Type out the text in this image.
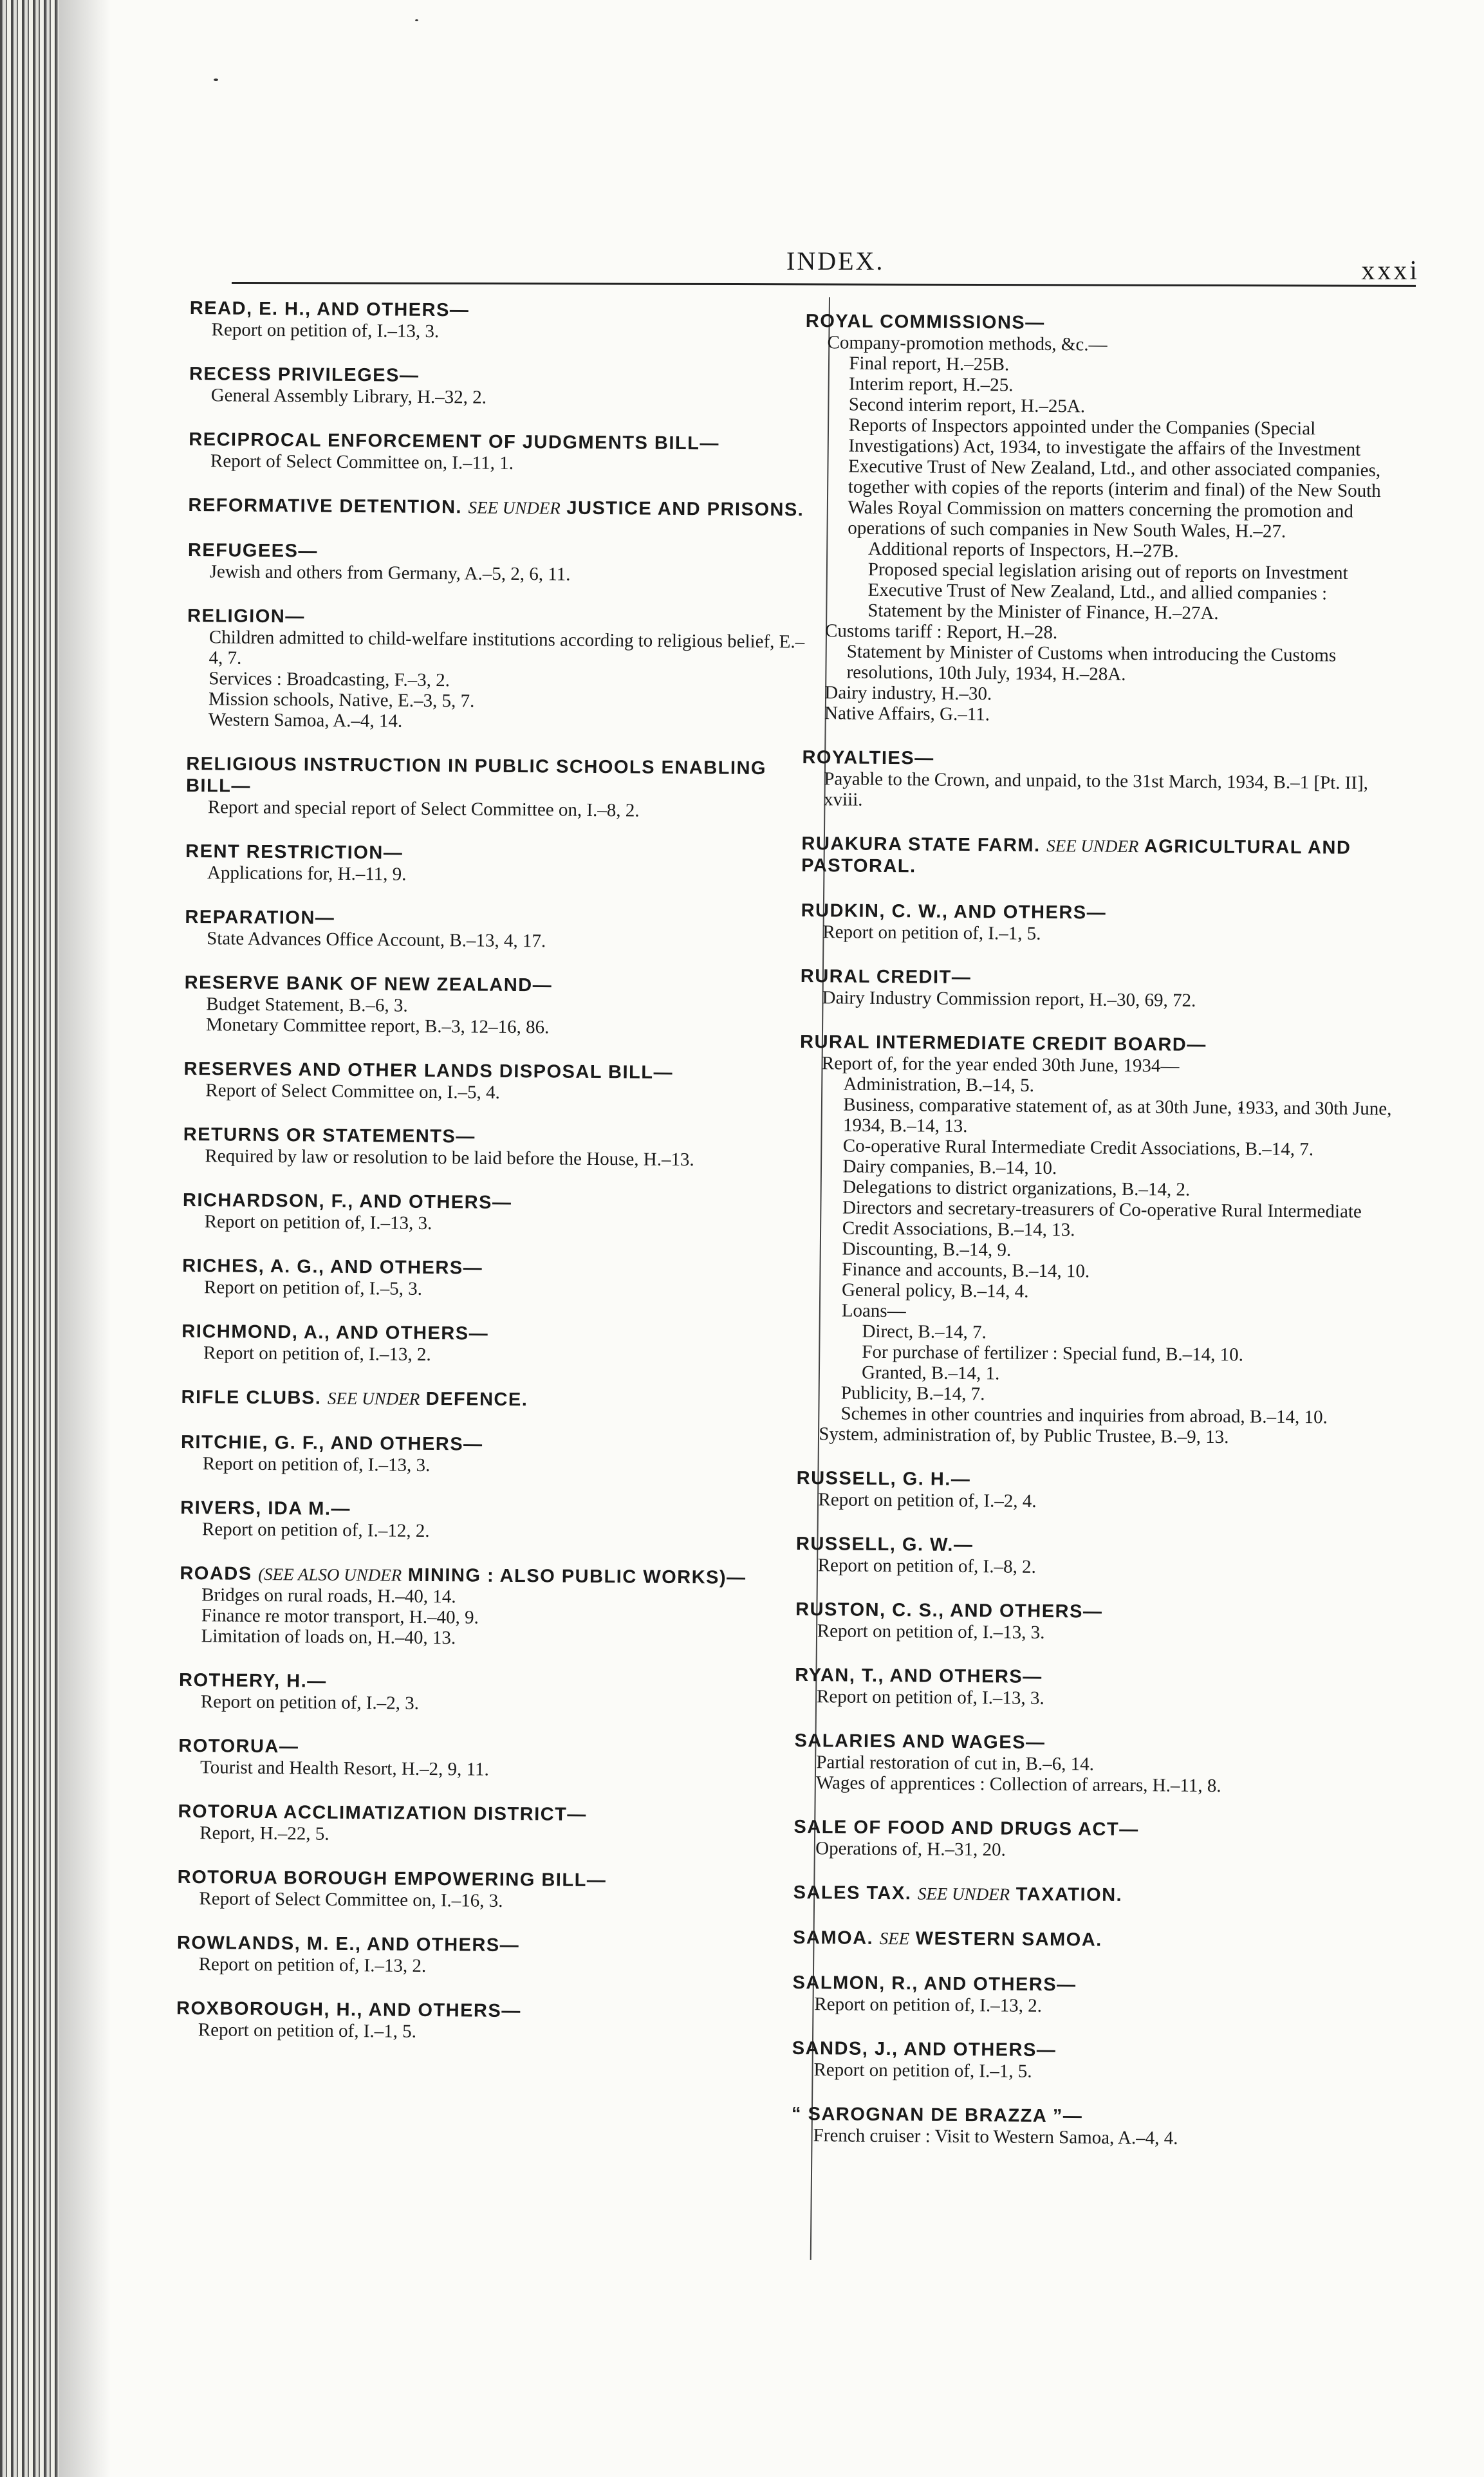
INDEX.	xxxi
READ, E. H., AND OTHERS—
Report on petition of, I.–13, 3.
RECESS PRIVILEGES—
General Assembly Library, H.–32, 2.
RECIPROCAL ENFORCEMENT OF JUDGMENTS BILL—
Report of Select Committee on, I.–11, 1.
REFORMATIVE DETENTION. SEE UNDER JUSTICE AND PRISONS.
REFUGEES—
Jewish and others from Germany, A.–5, 2, 6, 11.
RELIGION—
Children admitted to child-welfare institutions according to religious belief, E.–4, 7.
Services : Broadcasting, F.–3, 2.
Mission schools, Native, E.–3, 5, 7.
Western Samoa, A.–4, 14.
RELIGIOUS INSTRUCTION IN PUBLIC SCHOOLS ENABLING BILL—
Report and special report of Select Committee on, I.–8, 2.
RENT RESTRICTION—
Applications for, H.–11, 9.
REPARATION—
State Advances Office Account, B.–13, 4, 17.
RESERVE BANK OF NEW ZEALAND—
Budget Statement, B.–6, 3.
Monetary Committee report, B.–3, 12–16, 86.
RESERVES AND OTHER LANDS DISPOSAL BILL—
Report of Select Committee on, I.–5, 4.
RETURNS OR STATEMENTS—
Required by law or resolution to be laid before the House, H.–13.
RICHARDSON, F., AND OTHERS—
Report on petition of, I.–13, 3.
RICHES, A. G., AND OTHERS—
Report on petition of, I.–5, 3.
RICHMOND, A., AND OTHERS—
Report on petition of, I.–13, 2.
RIFLE CLUBS. SEE UNDER DEFENCE.
RITCHIE, G. F., AND OTHERS—
Report on petition of, I.–13, 3.
RIVERS, IDA M.—
Report on petition of, I.–12, 2.
ROADS (SEE ALSO UNDER MINING : ALSO PUBLIC WORKS)—
Bridges on rural roads, H.–40, 14.
Finance re motor transport, H.–40, 9.
Limitation of loads on, H.–40, 13.
ROTHERY, H.—
Report on petition of, I.–2, 3.
ROTORUA—
Tourist and Health Resort, H.–2, 9, 11.
ROTORUA ACCLIMATIZATION DISTRICT—
Report, H.–22, 5.
ROTORUA BOROUGH EMPOWERING BILL—
Report of Select Committee on, I.–16, 3.
ROWLANDS, M. E., AND OTHERS—
Report on petition of, I.–13, 2.
ROXBOROUGH, H., AND OTHERS—
Report on petition of, I.–1, 5.
ROYAL COMMISSIONS—
Company-promotion methods, &c.—
Final report, H.–25B.
Interim report, H.–25.
Second interim report, H.–25A.
Reports of Inspectors appointed under the Companies (Special Investigations) Act, 1934, to investigate the affairs of the Investment Executive Trust of New Zealand, Ltd., and other associated companies, together with copies of the reports (interim and final) of the New South Wales Royal Commission on matters concerning the promotion and operations of such companies in New South Wales, H.–27.
Additional reports of Inspectors, H.–27B.
Proposed special legislation arising out of reports on Investment Executive Trust of New Zealand, Ltd., and allied companies : Statement by the Minister of Finance, H.–27A.
Customs tariff : Report, H.–28.
Statement by Minister of Customs when introducing the Customs resolutions, 10th July, 1934, H.–28A.
Dairy industry, H.–30.
Native Affairs, G.–11.
ROYALTIES—
Payable to the Crown, and unpaid, to the 31st March, 1934, B.–1 [Pt. II], xviii.
RUAKURA STATE FARM. SEE UNDER AGRICULTURAL AND PASTORAL.
RUDKIN, C. W., AND OTHERS—
Report on petition of, I.–1, 5.
RURAL CREDIT—
Dairy Industry Commission report, H.–30, 69, 72.
RURAL INTERMEDIATE CREDIT BOARD—
Report of, for the year ended 30th June, 1934—
Administration, B.–14, 5.
Business, comparative statement of, as at 30th June, 1933, and 30th June, 1934, B.–14, 13.
Co-operative Rural Intermediate Credit Associations, B.–14, 7.
Dairy companies, B.–14, 10.
Delegations to district organizations, B.–14, 2.
Directors and secretary-treasurers of Co-operative Rural Intermediate Credit Associations, B.–14, 13.
Discounting, B.–14, 9.
Finance and accounts, B.–14, 10.
General policy, B.–14, 4.
Loans—
Direct, B.–14, 7.
For purchase of fertilizer : Special fund, B.–14, 10.
Granted, B.–14, 1.
Publicity, B.–14, 7.
Schemes in other countries and inquiries from abroad, B.–14, 10.
System, administration of, by Public Trustee, B.–9, 13.
RUSSELL, G. H.—
Report on petition of, I.–2, 4.
RUSSELL, G. W.—
Report on petition of, I.–8, 2.
RUSTON, C. S., AND OTHERS—
Report on petition of, I.–13, 3.
RYAN, T., AND OTHERS—
Report on petition of, I.–13, 3.
SALARIES AND WAGES—
Partial restoration of cut in, B.–6, 14.
Wages of apprentices : Collection of arrears, H.–11, 8.
SALE OF FOOD AND DRUGS ACT—
Operations of, H.–31, 20.
SALES TAX. SEE UNDER TAXATION.
SAMOA. SEE WESTERN SAMOA.
SALMON, R., AND OTHERS—
Report on petition of, I.–13, 2.
SANDS, J., AND OTHERS—
Report on petition of, I.–1, 5.
“ SAROGNAN DE BRAZZA ”—
French cruiser : Visit to Western Samoa, A.–4, 4.
